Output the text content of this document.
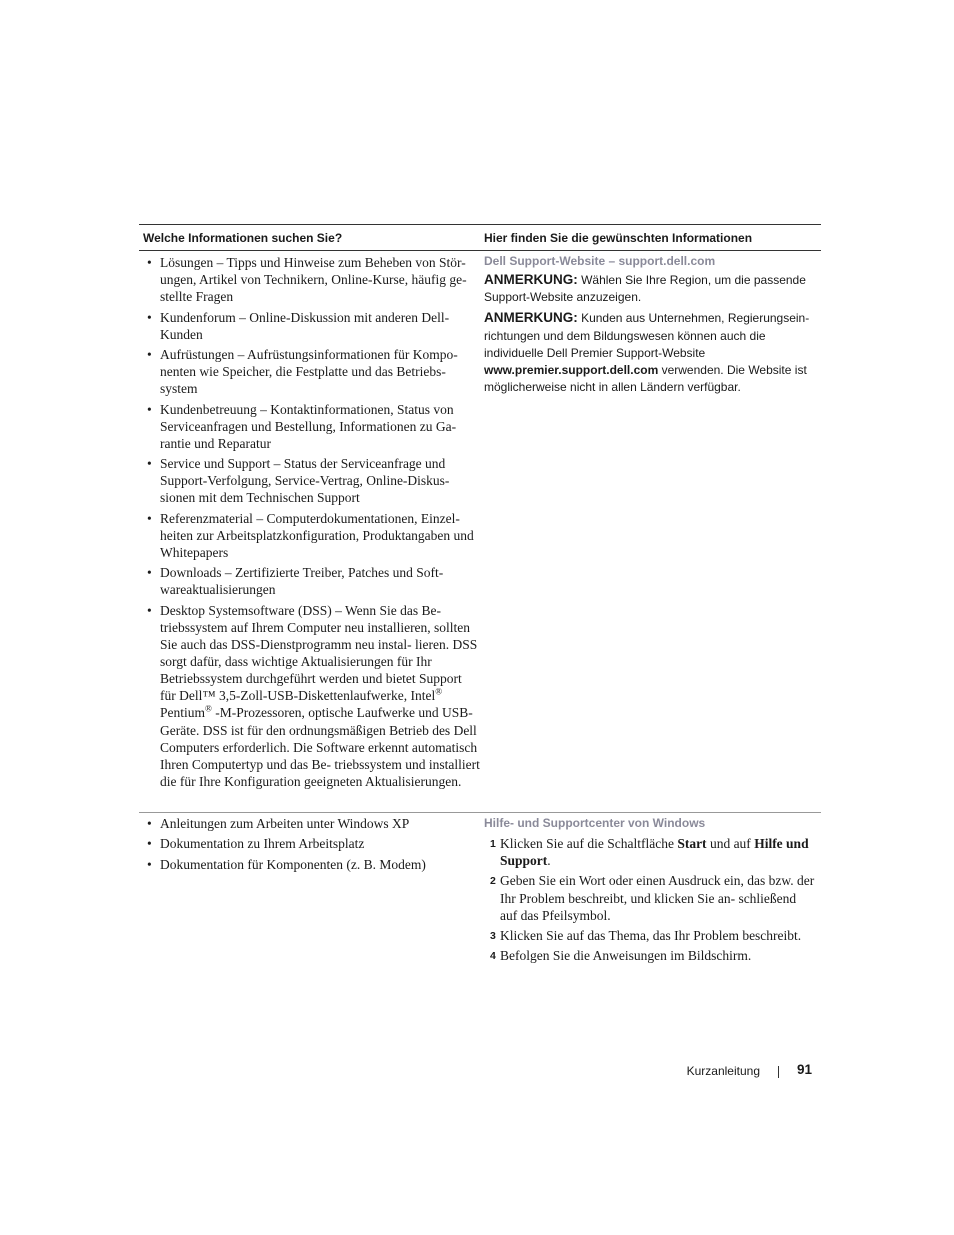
Welche Informationen suchen Sie?	Hier finden Sie die gewünschten Informationen
• Lösungen – Tipps und Hinweise zum Beheben von Stör- ungen, Artikel von Technikern, Online-Kurse, häufig ge- stellte Fragen
• Kundenforum – Online-Diskussion mit anderen Dell- Kunden
• Aufrüstungen – Aufrüstungsinformationen für Kompo- nenten wie Speicher, die Festplatte und das Betriebs- system
• Kundenbetreuung – Kontaktinformationen, Status von Serviceanfragen und Bestellung, Informationen zu Ga- rantie und Reparatur
• Service und Support – Status der Serviceanfrage und Support-Verfolgung, Service-Vertrag, Online-Diskus- sionen mit dem Technischen Support
• Referenzmaterial – Computerdokumentationen, Einzel- heiten zur Arbeitsplatzkonfiguration, Produktangaben und Whitepapers
• Downloads – Zertifizierte Treiber, Patches und Soft- wareaktualisierungen
• Desktop Systemsoftware (DSS) – Wenn Sie das Be- triebssystem auf Ihrem Computer neu installieren, sollten Sie auch das DSS-Dienstprogramm neu instal- lieren. DSS sorgt dafür, dass wichtige Aktualisierungen für Ihr Betriebssystem durchgeführt werden und bietet Support für Dell™ 3,5-Zoll-USB-Diskettenlaufwerke, Intel® Pentium® -M-Prozessoren, optische Laufwerke und USB-Geräte. DSS ist für den ordnungsmäßigen Betrieb des Dell Computers erforderlich. Die Software erkennt automatisch Ihren Computertyp und das Be- triebssystem und installiert die für Ihre Konfiguration geeigneten Aktualisierungen.
Dell Support-Website – support.dell.com
ANMERKUNG: Wählen Sie Ihre Region, um die passende Support-Website anzuzeigen.
ANMERKUNG: Kunden aus Unternehmen, Regierungsein- richtungen und dem Bildungswesen können auch die individuelle Dell Premier Support-Website www.premier.support.dell.com verwenden. Die Website ist möglicherweise nicht in allen Ländern verfügbar.
• Anleitungen zum Arbeiten unter Windows XP
• Dokumentation zu Ihrem Arbeitsplatz
• Dokumentation für Komponenten (z. B. Modem)
Hilfe- und Supportcenter von Windows
1 Klicken Sie auf die Schaltfläche Start und auf Hilfe und Support.
2 Geben Sie ein Wort oder einen Ausdruck ein, das bzw. der Ihr Problem beschreibt, und klicken Sie an- schließend auf das Pfeilsymbol.
3 Klicken Sie auf das Thema, das Ihr Problem beschreibt.
4 Befolgen Sie die Anweisungen im Bildschirm.
Kurzanleitung	91
